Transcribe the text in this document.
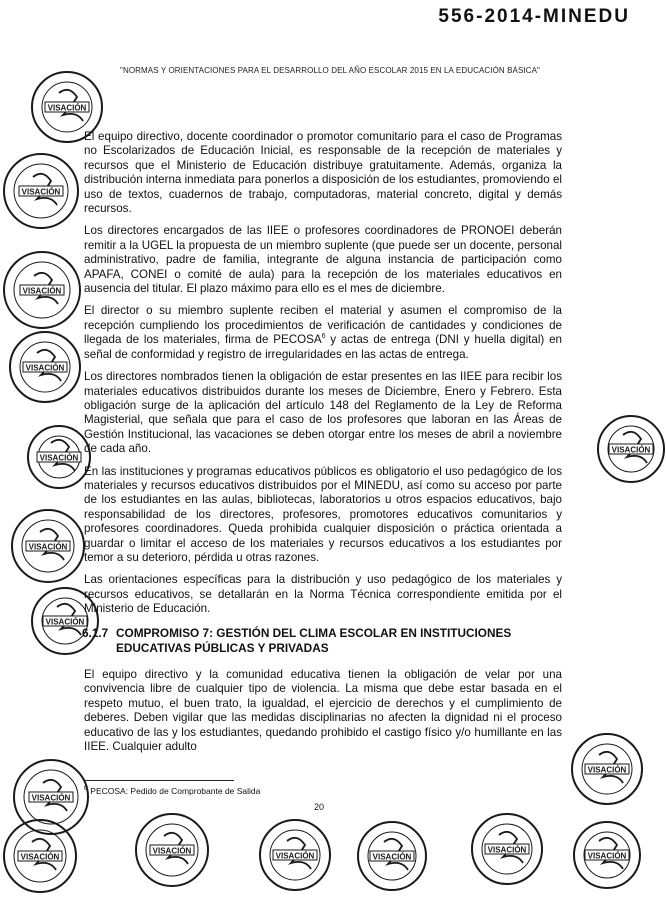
556-2014-MINEDU
"NORMAS Y ORIENTACIONES PARA EL DESARROLLO DEL AÑO ESCOLAR 2015 EN LA EDUCACIÓN BÁSICA"

El equipo directivo, docente coordinador o promotor comunitario para el caso de Programas no Escolarizados de Educación Inicial, es responsable de la recepción de materiales y recursos que el Ministerio de Educación distribuye gratuitamente. Además, organiza la distribución interna inmediata para ponerlos a disposición de los estudiantes, promoviendo el uso de textos, cuadernos de trabajo, computadoras, material concreto, digital y demás recursos.

Los directores encargados de las IIEE o profesores coordinadores de PRONOEI deberán remitir a la UGEL la propuesta de un miembro suplente (que puede ser un docente, personal administrativo, padre de familia, integrante de alguna instancia de participación como APAFA, CONEI o comité de aula) para la recepción de los materiales educativos en ausencia del titular. El plazo máximo para ello es el mes de diciembre.

El director o su miembro suplente reciben el material y asumen el compromiso de la recepción cumpliendo los procedimientos de verificación de cantidades y condiciones de llegada de los materiales, firma de PECOSA$^6$ y actas de entrega (DNI y huella digital) en señal de conformidad y registro de irregularidades en las actas de entrega.

Los directores nombrados tienen la obligación de estar presentes en las IIEE para recibir los materiales educativos distribuidos durante los meses de Diciembre, Enero y Febrero. Esta obligación surge de la aplicación del artículo 148 del Reglamento de la Ley de Reforma Magisterial, que señala que para el caso de los profesores que laboran en las Áreas de Gestión Institucional, las vacaciones se deben otorgar entre los meses de abril a noviembre de cada año.

En las instituciones y programas educativos públicos es obligatorio el uso pedagógico de los materiales y recursos educativos distribuidos por el MINEDU, así como su acceso por parte de los estudiantes en las aulas, bibliotecas, laboratorios u otros espacios educativos, bajo responsabilidad de los directores, profesores, promotores educativos comunitarios y profesores coordinadores. Queda prohibida cualquier disposición o práctica orientada a guardar o limitar el acceso de los materiales y recursos educativos a los estudiantes por temor a su deterioro, pérdida u otras razones.

Las orientaciones específicas para la distribución y uso pedagógico de los materiales y recursos educativos, se detallarán en la Norma Técnica correspondiente emitida por el Ministerio de Educación.

6.1.7 COMPROMISO 7: GESTIÓN DEL CLIMA ESCOLAR EN INSTITUCIONES EDUCATIVAS PÚBLICAS Y PRIVADAS

El equipo directivo y la comunidad educativa tienen la obligación de velar por una convivencia libre de cualquier tipo de violencia. La misma que debe estar basada en el respeto mutuo, el buen trato, la igualdad, el ejercicio de derechos y el cumplimiento de deberes. Deben vigilar que las medidas disciplinarias no afecten la dignidad ni el proceso educativo de las y los estudiantes, quedando prohibido el castigo físico y/o humillante en las IIEE. Cualquier adulto

$^6$ PECOSA: Pedido de Comprobante de Salida
20
VISACIÓN
VISACIÓN
VISACIÓN
VISACIÓN
VISACIÓN
VISACIÓN
VISACIÓN
VISACIÓN
VISACIÓN
VISACIÓN
VISACIÓN
VISACIÓN
VISACIÓN	VISACIÓN
VISACIÓN
VISACIÓN
